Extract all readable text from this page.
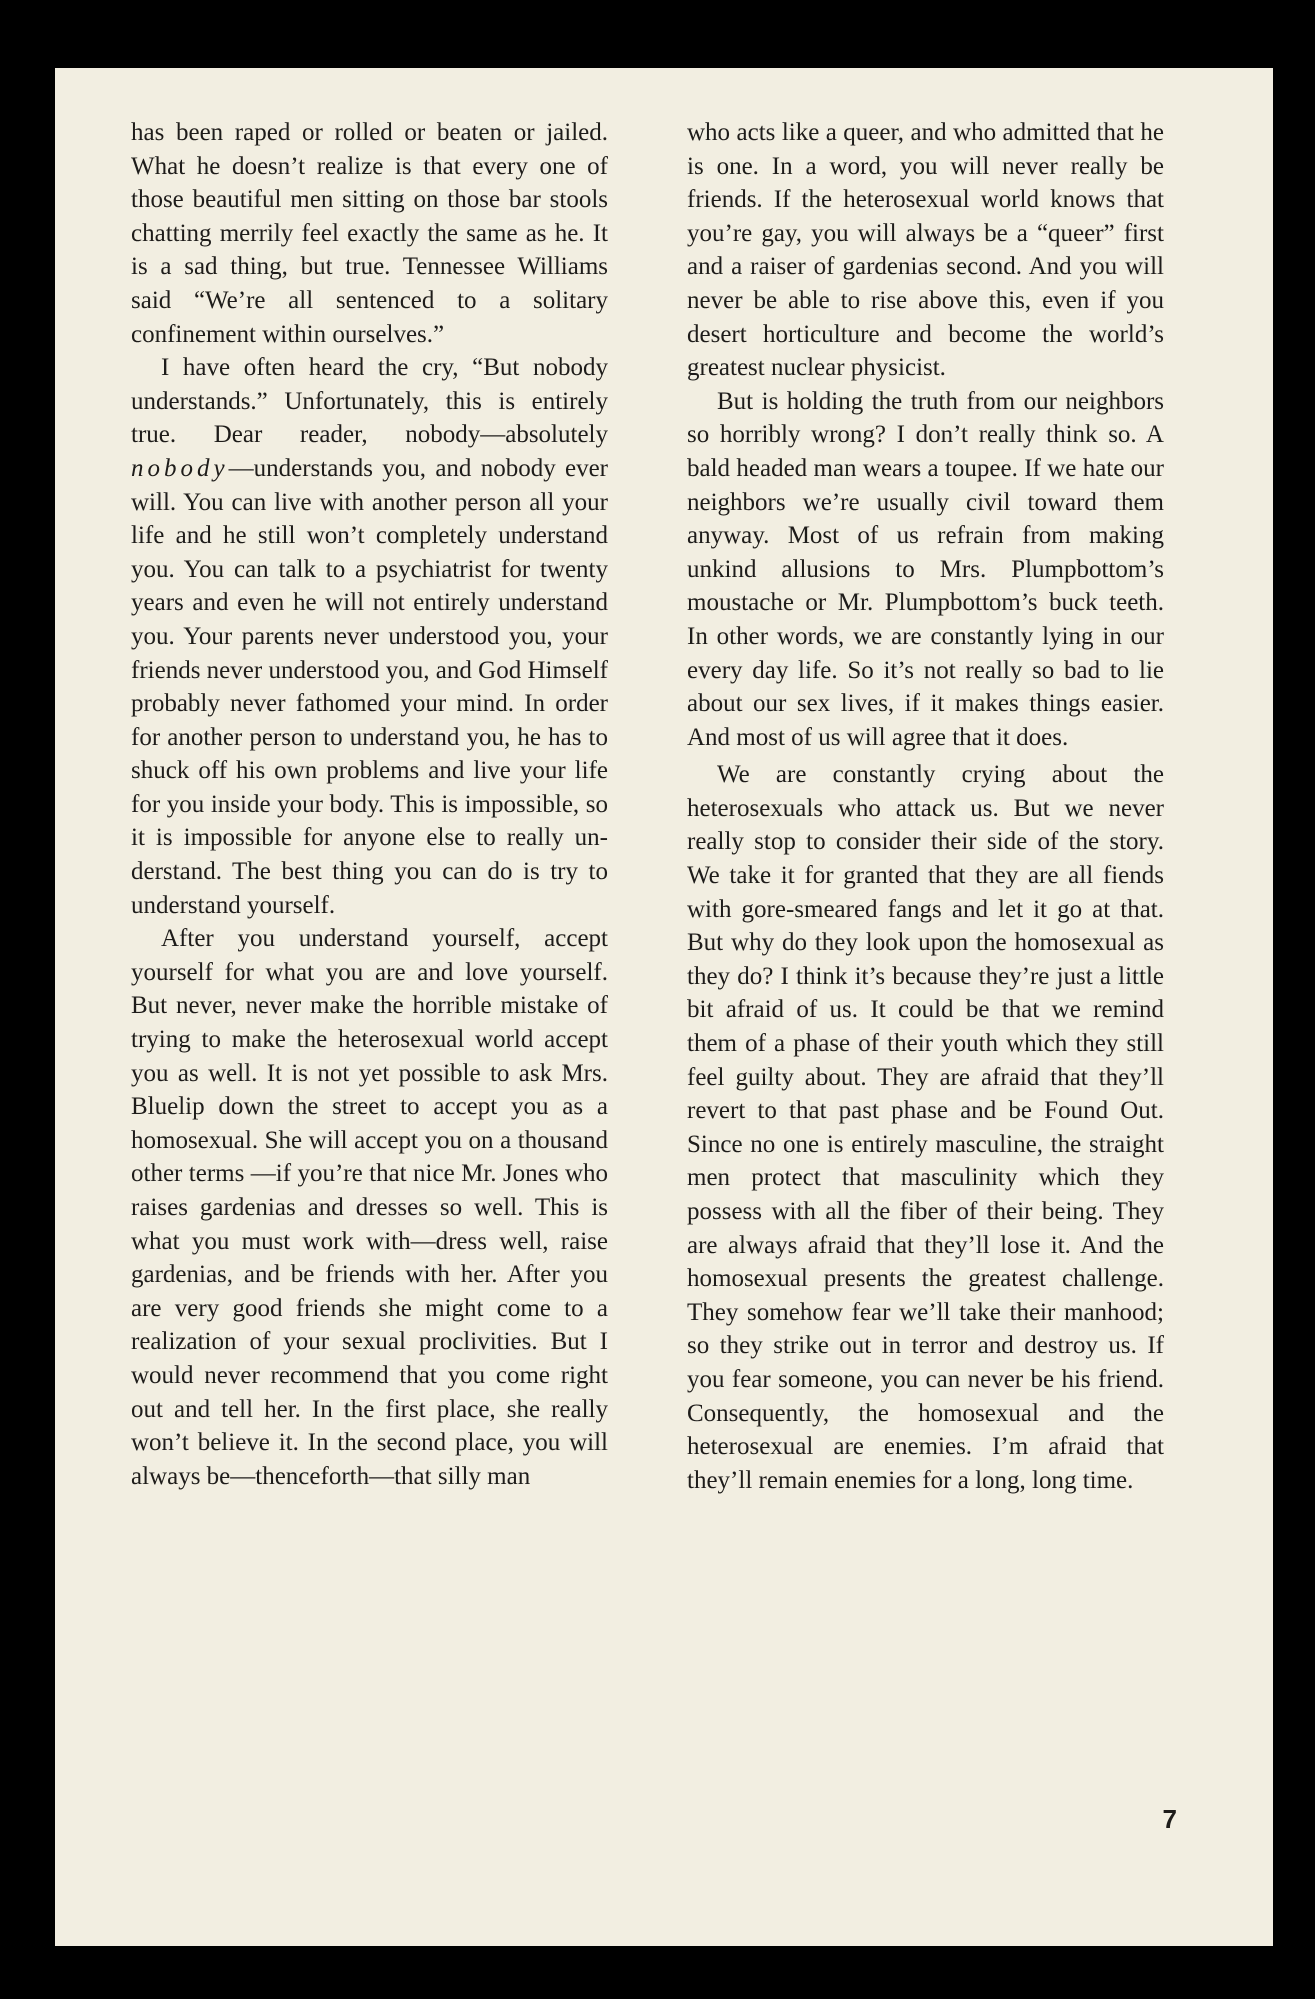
has been raped or rolled or beaten or jailed. What he doesn’t realize is that every one of those beautiful men sitting on those bar stools chatting merrily feel exactly the same as he. It is a sad thing, but true. Tennessee Williams said “We’re all sentenced to a solitary confinement within ourselves.”

I have often heard the cry, “But nobody understands.” Unfortunately, this is entirely true. Dear reader, nobody—absolutely nobody—understands you, and nobody ever will. You can live with another person all your life and he still won’t completely understand you. You can talk to a psychiatrist for twenty years and even he will not entirely understand you. Your parents never understood you, your friends never understood you, and God Himself probably never fathomed your mind. In order for another person to understand you, he has to shuck off his own problems and live your life for you inside your body. This is impossible, so it is impossible for anyone else to really understand. The best thing you can do is try to understand yourself.

After you understand yourself, accept yourself for what you are and love yourself. But never, never make the horrible mistake of trying to make the heterosexual world accept you as well. It is not yet possible to ask Mrs. Bluelip down the street to accept you as a homosexual. She will accept you on a thousand other terms —if you’re that nice Mr. Jones who raises gardenias and dresses so well. This is what you must work with—dress well, raise gardenias, and be friends with her. After you are very good friends she might come to a realization of your sexual proclivities. But I would never recommend that you come right out and tell her. In the first place, she really won’t believe it. In the second place, you will always be—thenceforth—that silly man

who acts like a queer, and who admitted that he is one. In a word, you will never really be friends. If the heterosexual world knows that you’re gay, you will always be a “queer” first and a raiser of gardenias second. And you will never be able to rise above this, even if you desert horticulture and become the world’s greatest nuclear physicist.

But is holding the truth from our neighbors so horribly wrong? I don’t really think so. A bald headed man wears a toupee. If we hate our neighbors we’re usually civil toward them anyway. Most of us refrain from making unkind allusions to Mrs. Plumpbottom’s moustache or Mr. Plumpbottom’s buck teeth. In other words, we are constantly lying in our every day life. So it’s not really so bad to lie about our sex lives, if it makes things easier. And most of us will agree that it does.

We are constantly crying about the heterosexuals who attack us. But we never really stop to consider their side of the story. We take it for granted that they are all fiends with gore-smeared fangs and let it go at that. But why do they look upon the homosexual as they do? I think it’s because they’re just a little bit afraid of us. It could be that we remind them of a phase of their youth which they still feel guilty about. They are afraid that they’ll revert to that past phase and be Found Out. Since no one is entirely masculine, the straight men protect that masculinity which they possess with all the fiber of their being. They are always afraid that they’ll lose it. And the homosexual presents the greatest challenge. They somehow fear we’ll take their manhood; so they strike out in terror and destroy us. If you fear someone, you can never be his friend. Consequently, the homosexual and the heterosexual are enemies. I’m afraid that they’ll remain enemies for a long, long time.

7
